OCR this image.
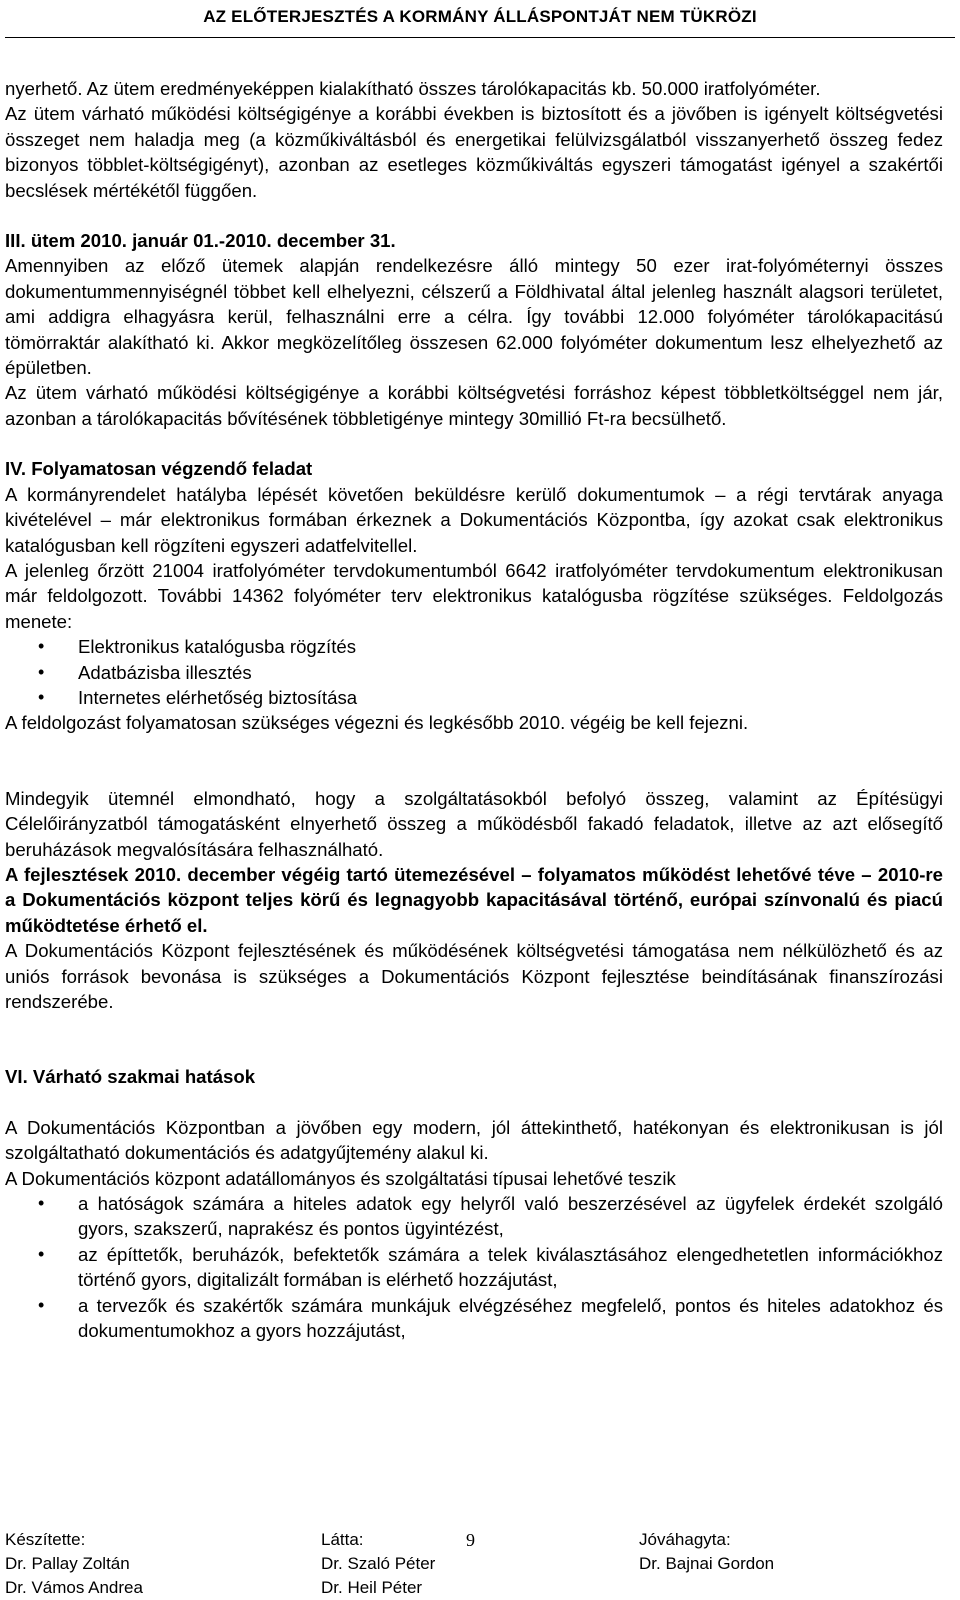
AZ ELŐTERJESZTÉS A KORMÁNY ÁLLÁSPONTJÁT NEM TÜKRÖZI

nyerhető. Az ütem eredményeképpen kialakítható összes tárolókapacitás kb. 50.000 iratfolyóméter.

Az ütem várható működési költségigénye a korábbi években is biztosított és a jövőben is igényelt költségvetési összeget nem haladja meg (a közműkiváltásból és energetikai felülvizsgálatból visszanyerhető összeg fedez bizonyos többlet-költségigényt), azonban az esetleges közműkiváltás egyszeri támogatást igényel a szakértői becslések mértékétől függően.

III. ütem 2010. január 01.-2010. december 31.

Amennyiben az előző ütemek alapján rendelkezésre álló mintegy 50 ezer irat-folyóméternyi összes dokumentummennyiségnél többet kell elhelyezni, célszerű a Földhivatal által jelenleg használt alagsori területet, ami addigra elhagyásra kerül, felhasználni erre a célra. Így további 12.000 folyóméter tárolókapacitású tömörraktár alakítható ki. Akkor megközelítőleg összesen 62.000 folyóméter dokumentum lesz elhelyezhető az épületben.

Az ütem várható működési költségigénye a korábbi költségvetési forráshoz képest többletköltséggel nem jár, azonban a tárolókapacitás bővítésének többletigénye mintegy 30millió Ft-ra becsülhető.

IV. Folyamatosan végzendő feladat

A kormányrendelet hatályba lépését követően beküldésre kerülő dokumentumok – a régi tervtárak anyaga kivételével – már elektronikus formában érkeznek a Dokumentációs Központba, így azokat csak elektronikus katalógusban kell rögzíteni egyszeri adatfelvitellel.

A jelenleg őrzött 21004 iratfolyóméter tervdokumentumból 6642 iratfolyóméter tervdokumentum elektronikusan már feldolgozott. További 14362 folyóméter terv elektronikus katalógusba rögzítése szükséges. Feldolgozás menete:

• Elektronikus katalógusba rögzítés
• Adatbázisba illesztés
• Internetes elérhetőség biztosítása

A feldolgozást folyamatosan szükséges végezni és legkésőbb 2010. végéig be kell fejezni.

Mindegyik ütemnél elmondható, hogy a szolgáltatásokból befolyó összeg, valamint az Építésügyi Célelőirányzatból támogatásként elnyerhető összeg a működésből fakadó feladatok, illetve az azt elősegítő beruházások megvalósítására felhasználható.

A fejlesztések 2010. december végéig tartó ütemezésével – folyamatos működést lehetővé téve – 2010-re a Dokumentációs központ teljes körű és legnagyobb kapacitásával történő, európai színvonalú és piacú működtetése érhető el.

A Dokumentációs Központ fejlesztésének és működésének költségvetési támogatása nem nélkülözhető és az uniós források bevonása is szükséges a Dokumentációs Központ fejlesztése beindításának finanszírozási rendszerébe.

VI. Várható szakmai hatások

A Dokumentációs Központban a jövőben egy modern, jól áttekinthető, hatékonyan és elektronikusan is jól szolgáltatható dokumentációs és adatgyűjtemény alakul ki.

A Dokumentációs központ adatállományos és szolgáltatási típusai lehetővé teszik

• a hatóságok számára a hiteles adatok egy helyről való beszerzésével az ügyfelek érdekét szolgáló gyors, szakszerű, naprakész és pontos ügyintézést,
• az építtetők, beruházók, befektetők számára a telek kiválasztásához elengedhetetlen információkhoz történő gyors, digitalizált formában is elérhető hozzájutást,
• a tervezők és szakértők számára munkájuk elvégzéséhez megfelelő, pontos és hiteles adatokhoz és dokumentumokhoz a gyors hozzájutást,
Készítette:
Dr. Pallay Zoltán
Dr. Vámos Andrea
Látta:
Dr. Szaló Péter
Dr. Heil Péter
Jóváhagyta:
Dr. Bajnai Gordon
9
